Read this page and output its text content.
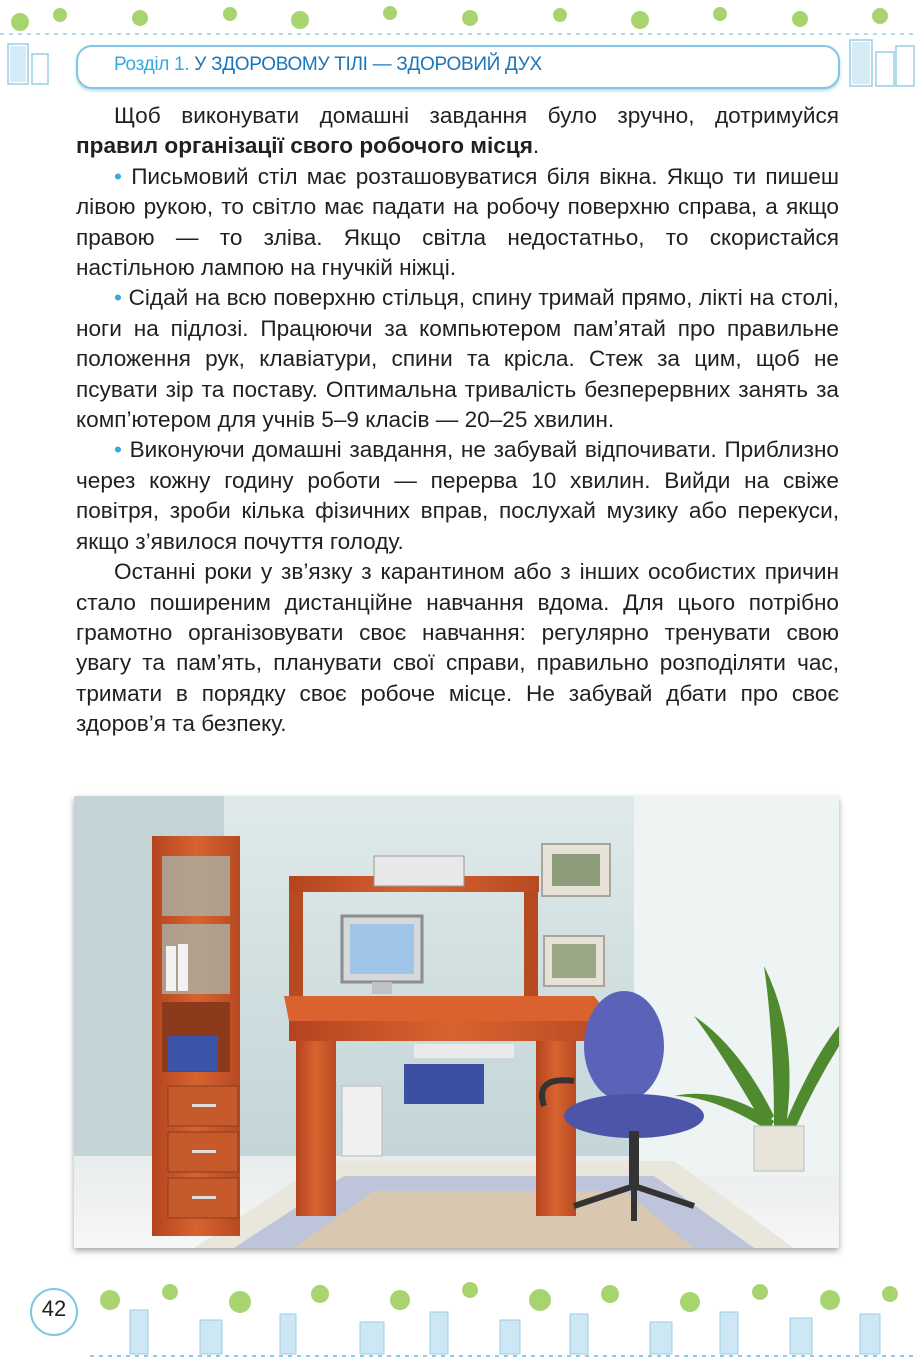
Розділ 1. У ЗДОРОВОМУ ТІЛІ — ЗДОРОВИЙ ДУХ

Щоб виконувати домашні завдання було зручно, дотримуйся правил організації свого робочого місця.

• Письмовий стіл має розташовуватися біля вікна. Якщо ти пишеш лівою рукою, то світло має падати на робочу поверхню справа, а якщо правою — то зліва. Якщо світла недостатньо, то скористайся настільною лампою на гнучкій ніжці.

• Сідай на всю поверхню стільця, спину тримай прямо, лікті на столі, ноги на підлозі. Працюючи за компьютером пам’ятай про правильне положення рук, клавіатури, спини та крісла. Стеж за цим, щоб не псувати зір та поставу. Оптимальна тривалість безперервних занять за комп’ютером для учнів 5–9 класів — 20–25 хвилин.

• Виконуючи домашні завдання, не забувай відпочивати. Приблизно через кожну годину роботи — перерва 10 хвилин. Вийди на свіже повітря, зроби кілька фізичних вправ, послухай музику або перекуси, якщо з’явилося почуття голоду.

Останні роки у зв’язку з карантином або з інших особистих причин стало поширеним дистанційне навчання вдома. Для цього потрібно грамотно організовувати своє навчання: регулярно тренувати свою увагу та пам’ять, планувати свої справи, правильно розподіляти час, тримати в порядку своє робоче місце. Не забувай дбати про своє здоров’я та безпеку.

42
